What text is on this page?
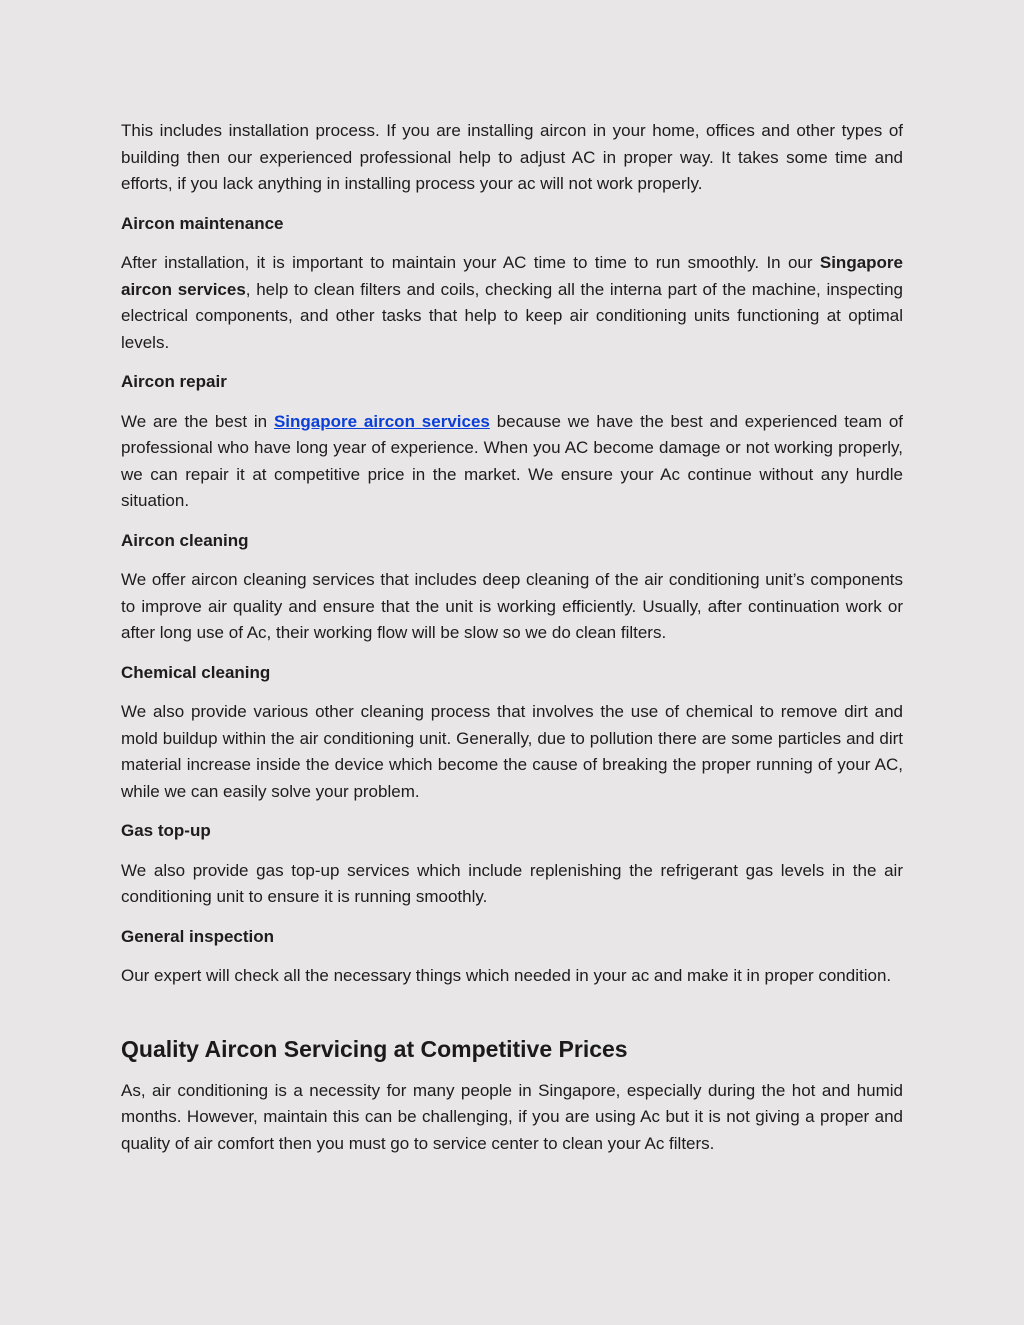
This includes installation process. If you are installing aircon in your home, offices and other types of building then our experienced professional help to adjust AC in proper way. It takes some time and efforts, if you lack anything in installing process your ac will not work properly.

Aircon maintenance

After installation, it is important to maintain your AC time to time to run smoothly. In our Singapore aircon services, help to clean filters and coils, checking all the interna part of the machine, inspecting electrical components, and other tasks that help to keep air conditioning units functioning at optimal levels.

Aircon repair

We are the best in Singapore aircon services because we have the best and experienced team of professional who have long year of experience. When you AC become damage or not working properly, we can repair it at competitive price in the market. We ensure your Ac continue without any hurdle situation.

Aircon cleaning

We offer aircon cleaning services that includes deep cleaning of the air conditioning unit’s components to improve air quality and ensure that the unit is working efficiently. Usually, after continuation work or after long use of Ac, their working flow will be slow so we do clean filters.

Chemical cleaning

We also provide various other cleaning process that involves the use of chemical to remove dirt and mold buildup within the air conditioning unit. Generally, due to pollution there are some particles and dirt material increase inside the device which become the cause of breaking the proper running of your AC, while we can easily solve your problem.

Gas top-up

We also provide gas top-up services which include replenishing the refrigerant gas levels in the air conditioning unit to ensure it is running smoothly.

General inspection

Our expert will check all the necessary things which needed in your ac and make it in proper condition.

Quality Aircon Servicing at Competitive Prices

As, air conditioning is a necessity for many people in Singapore, especially during the hot and humid months. However, maintain this can be challenging, if you are using Ac but it is not giving a proper and quality of air comfort then you must go to service center to clean your Ac filters.
